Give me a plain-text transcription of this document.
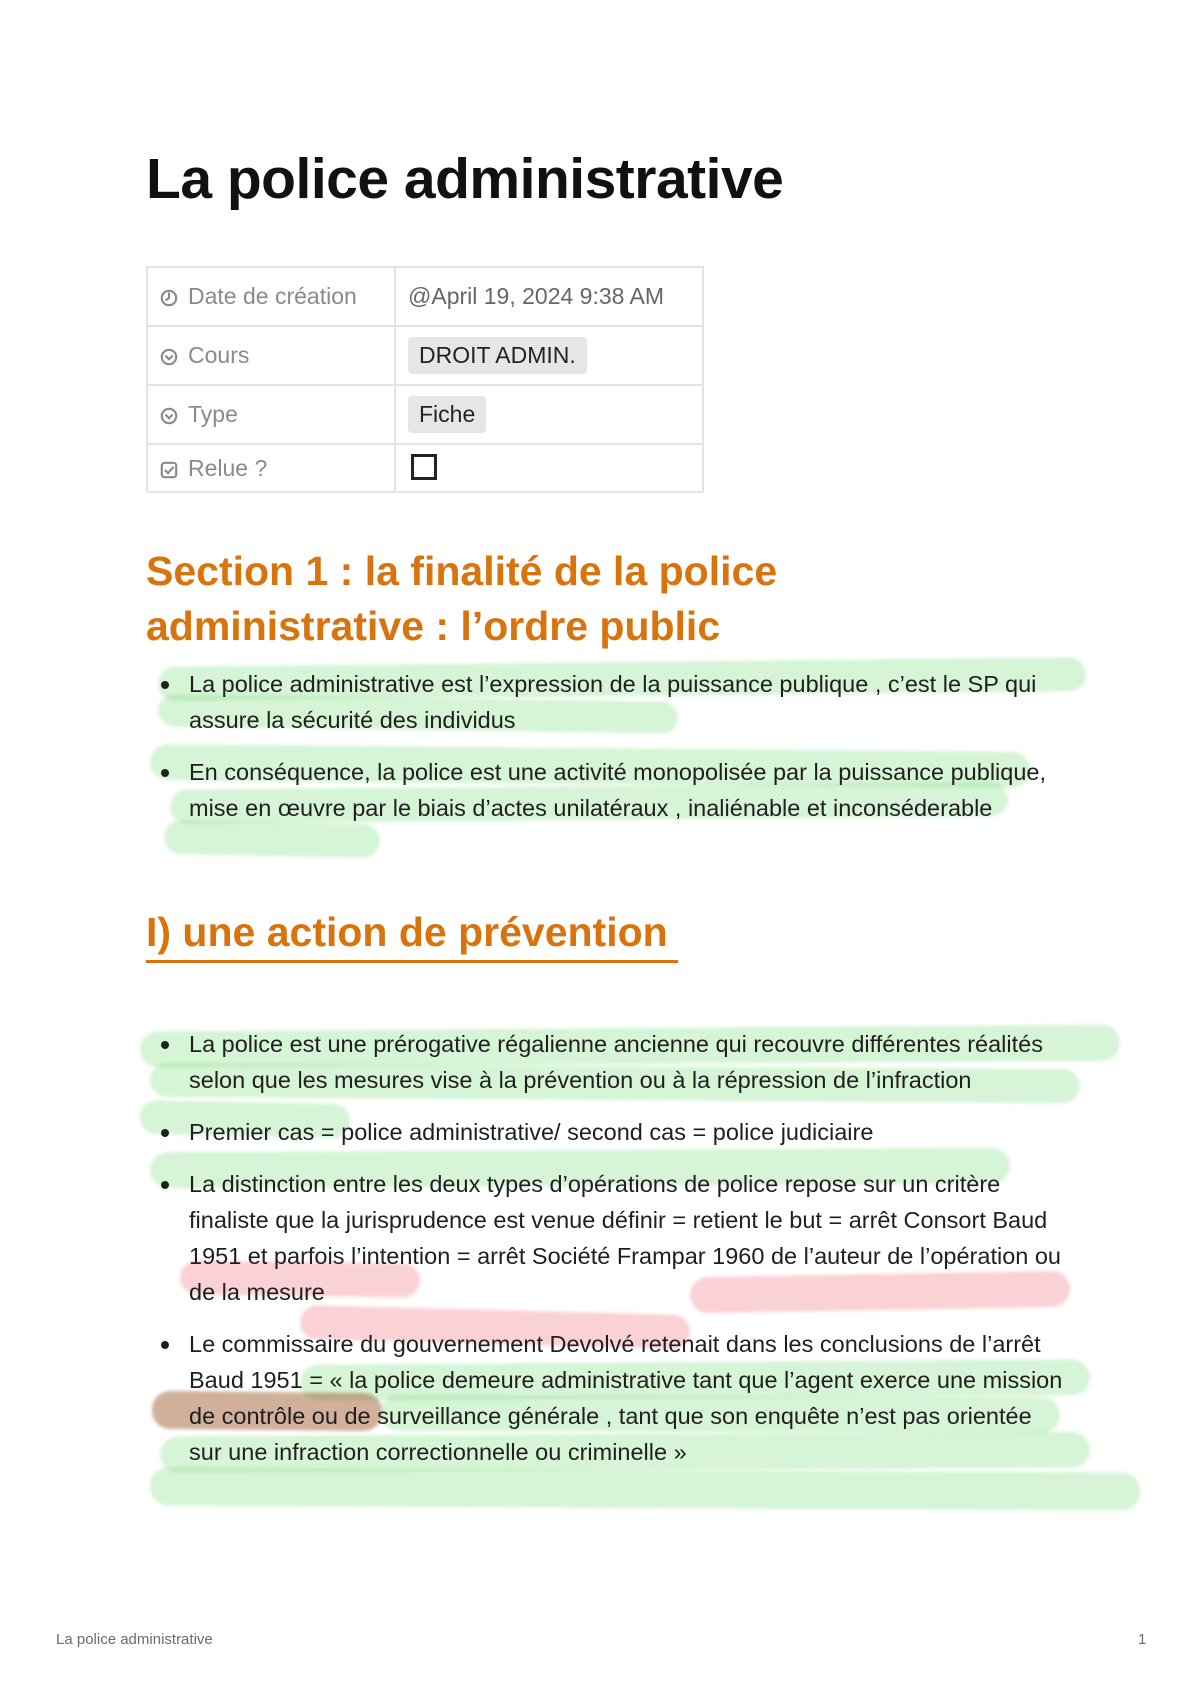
La police administrative
Date de création	@April 19, 2024 9:38 AM
Cours	DROIT ADMIN.
Type	Fiche
Relue ?	
Section 1 : la finalité de la police administrative : l’ordre public
La police administrative est l’expression de la puissance publique , c’est le SP qui assure la sécurité des individus
En conséquence, la police est une activité monopolisée par la puissance publique, mise en œuvre par le biais d’actes unilatéraux , inaliénable et inconséderable
I) une action de prévention
La police est une prérogative régalienne ancienne qui recouvre différentes réalités selon que les mesures vise à la prévention ou à la répression de l’infraction
Premier cas = police administrative/ second cas = police judiciaire
La distinction entre les deux types d’opérations de police repose sur un critère finaliste que la jurisprudence est venue définir = retient le but = arrêt Consort Baud 1951 et parfois l’intention = arrêt Société Frampar 1960 de l’auteur de l’opération ou de la mesure
Le commissaire du gouvernement Devolvé retenait dans les conclusions de l’arrêt Baud 1951 = « la police demeure administrative tant que l’agent exerce une mission de contrôle ou de surveillance générale , tant que son enquête n’est pas orientée sur une infraction correctionnelle ou criminelle »
La police administrative	1
